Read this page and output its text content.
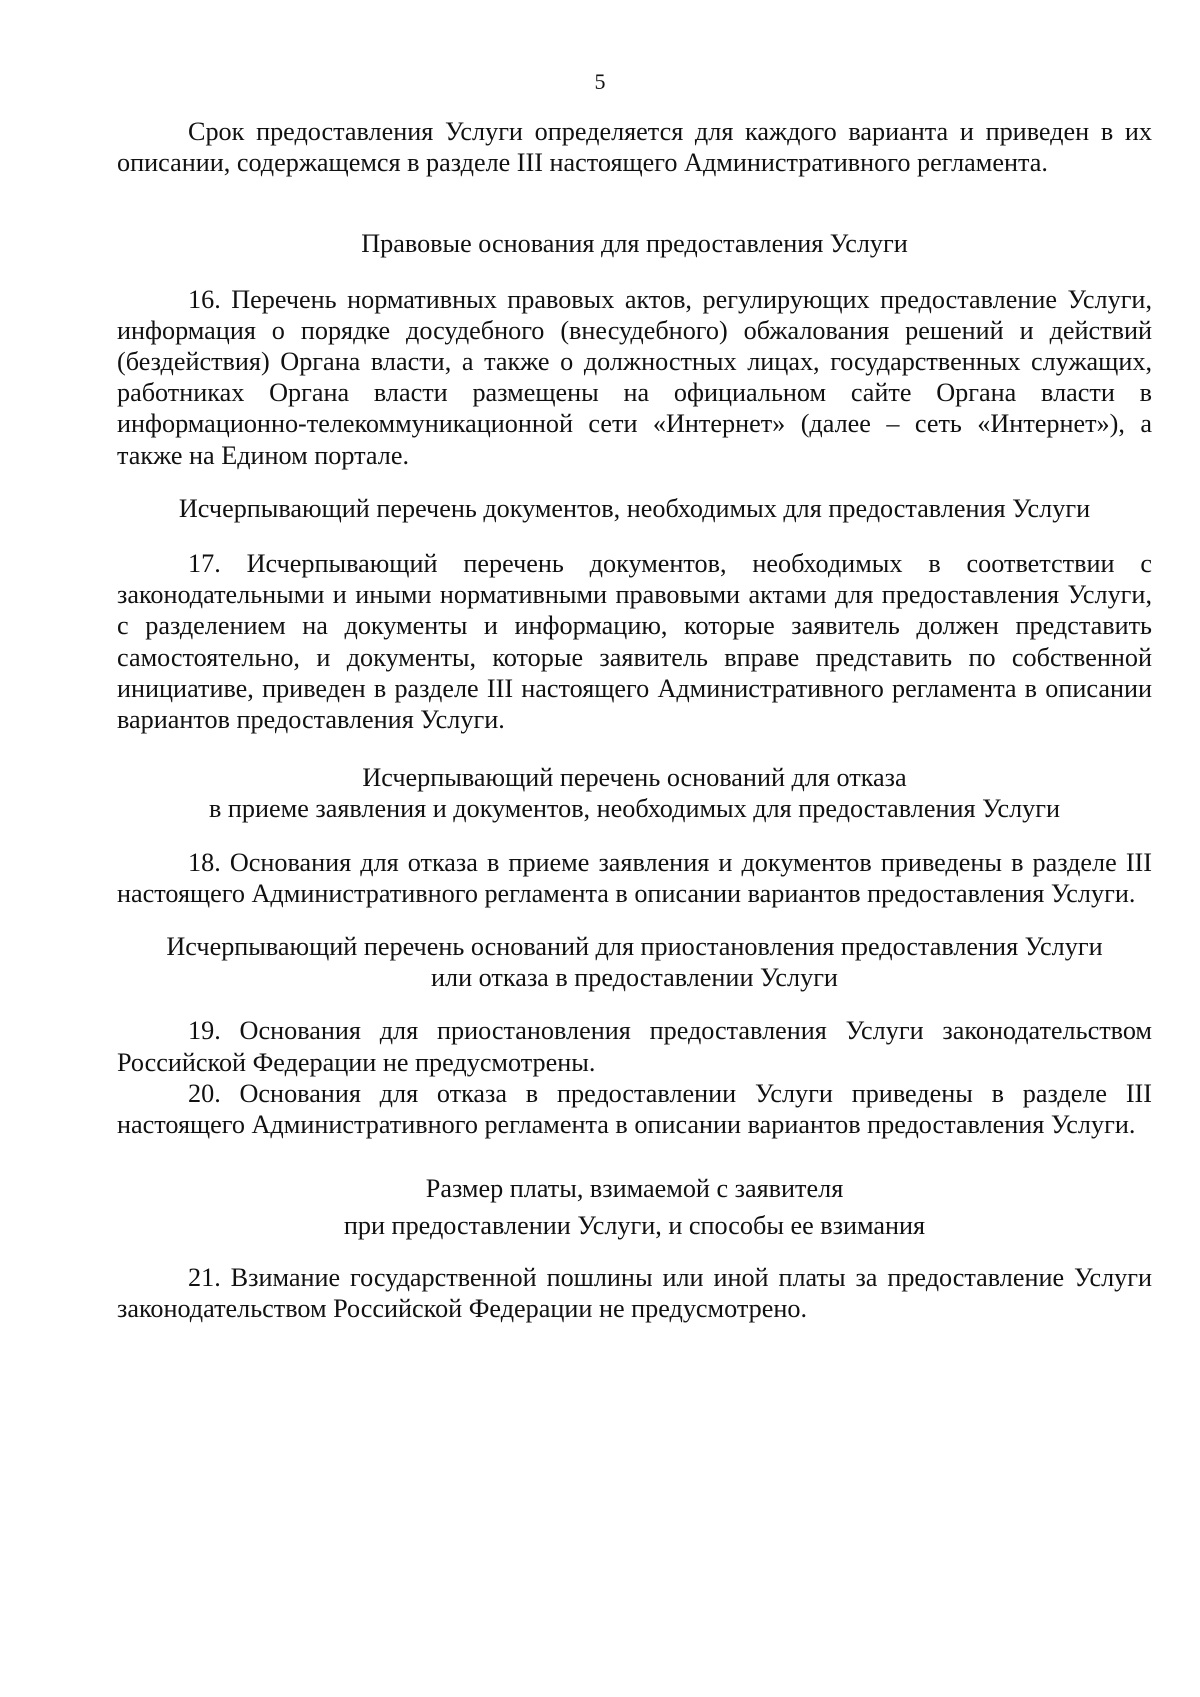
5

Срок предоставления Услуги определяется для каждого варианта и приведен в их описании, содержащемся в разделе III настоящего Административного регламента.

Правовые основания для предоставления Услуги

16. Перечень нормативных правовых актов, регулирующих предоставление Услуги, информация о порядке досудебного (внесудебного) обжалования решений и действий (бездействия) Органа власти, а также о должностных лицах, государственных служащих, работниках Органа власти размещены на официальном сайте Органа власти в информационно-телекоммуникационной сети «Интернет» (далее – сеть «Интернет»), а также на Едином портале.

Исчерпывающий перечень документов, необходимых для предоставления Услуги

17. Исчерпывающий перечень документов, необходимых в соответствии с законодательными и иными нормативными правовыми актами для предоставления Услуги, с разделением на документы и информацию, которые заявитель должен представить самостоятельно, и документы, которые заявитель вправе представить по собственной инициативе, приведен в разделе III настоящего Административного регламента в описании вариантов предоставления Услуги.

Исчерпывающий перечень оснований для отказа
в приеме заявления и документов, необходимых для предоставления Услуги

18. Основания для отказа в приеме заявления и документов приведены в разделе III настоящего Административного регламента в описании вариантов предоставления Услуги.

Исчерпывающий перечень оснований для приостановления предоставления Услуги
или отказа в предоставлении Услуги

19. Основания для приостановления предоставления Услуги законодательством Российской Федерации не предусмотрены.

20. Основания для отказа в предоставлении Услуги приведены в разделе III настоящего Административного регламента в описании вариантов предоставления Услуги.

Размер платы, взимаемой с заявителя
при предоставлении Услуги, и способы ее взимания

21. Взимание государственной пошлины или иной платы за предоставление Услуги законодательством Российской Федерации не предусмотрено.
